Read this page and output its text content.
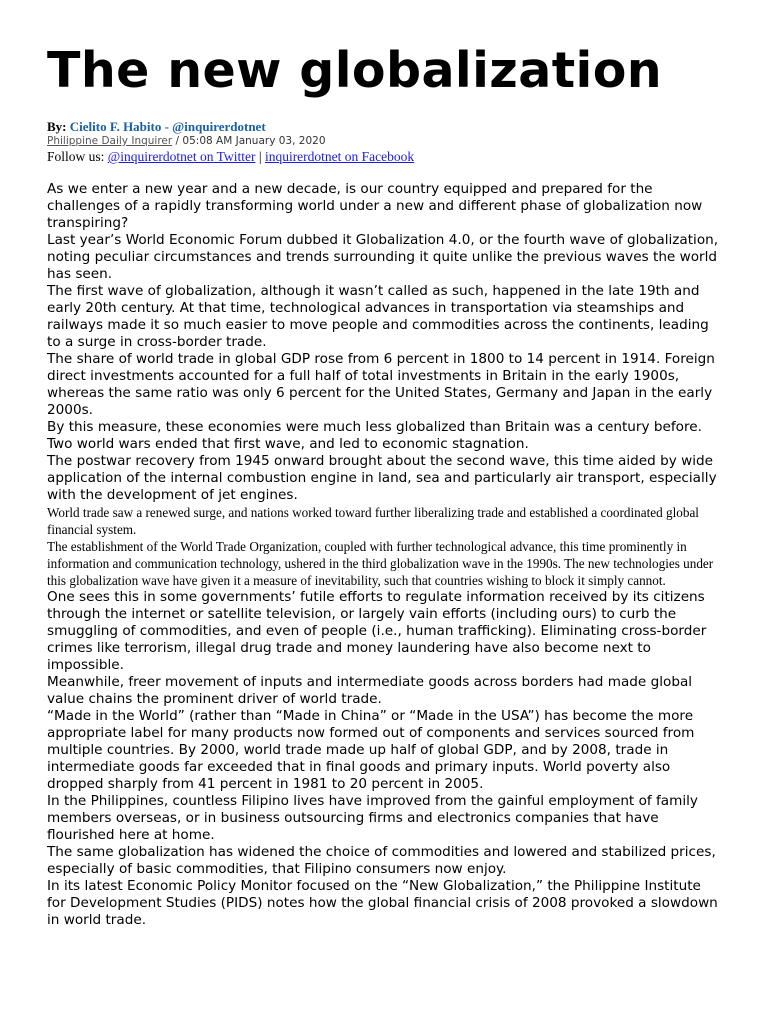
The new globalization
By: Cielito F. Habito - @inquirerdotnet
Philippine Daily Inquirer / 05:08 AM January 03, 2020
Follow us: @inquirerdotnet on Twitter | inquirerdotnet on Facebook

As we enter a new year and a new decade, is our country equipped and prepared for the challenges of a rapidly transforming world under a new and different phase of globalization now transpiring?

Last year’s World Economic Forum dubbed it Globalization 4.0, or the fourth wave of globalization, noting peculiar circumstances and trends surrounding it quite unlike the previous waves the world has seen.

The first wave of globalization, although it wasn’t called as such, happened in the late 19th and early 20th century. At that time, technological advances in transportation via steamships and railways made it so much easier to move people and commodities across the continents, leading to a surge in cross-border trade.

The share of world trade in global GDP rose from 6 percent in 1800 to 14 percent in 1914. Foreign direct investments accounted for a full half of total investments in Britain in the early 1900s, whereas the same ratio was only 6 percent for the United States, Germany and Japan in the early 2000s.

By this measure, these economies were much less globalized than Britain was a century before. Two world wars ended that first wave, and led to economic stagnation.

The postwar recovery from 1945 onward brought about the second wave, this time aided by wide application of the internal combustion engine in land, sea and particularly air transport, especially with the development of jet engines.

World trade saw a renewed surge, and nations worked toward further liberalizing trade and established a coordinated global financial system.

The establishment of the World Trade Organization, coupled with further technological advance, this time prominently in information and communication technology, ushered in the third globalization wave in the 1990s. The new technologies under this globalization wave have given it a measure of inevitability, such that countries wishing to block it simply cannot.

One sees this in some governments’ futile efforts to regulate information received by its citizens through the internet or satellite television, or largely vain efforts (including ours) to curb the smuggling of commodities, and even of people (i.e., human trafficking). Eliminating cross-border crimes like terrorism, illegal drug trade and money laundering have also become next to impossible.

Meanwhile, freer movement of inputs and intermediate goods across borders had made global value chains the prominent driver of world trade.

“Made in the World” (rather than “Made in China” or “Made in the USA”) has become the more appropriate label for many products now formed out of components and services sourced from multiple countries. By 2000, world trade made up half of global GDP, and by 2008, trade in intermediate goods far exceeded that in final goods and primary inputs. World poverty also dropped sharply from 41 percent in 1981 to 20 percent in 2005.

In the Philippines, countless Filipino lives have improved from the gainful employment of family members overseas, or in business outsourcing firms and electronics companies that have flourished here at home.

The same globalization has widened the choice of commodities and lowered and stabilized prices, especially of basic commodities, that Filipino consumers now enjoy.

In its latest Economic Policy Monitor focused on the “New Globalization,” the Philippine Institute for Development Studies (PIDS) notes how the global financial crisis of 2008 provoked a slowdown in world trade.
